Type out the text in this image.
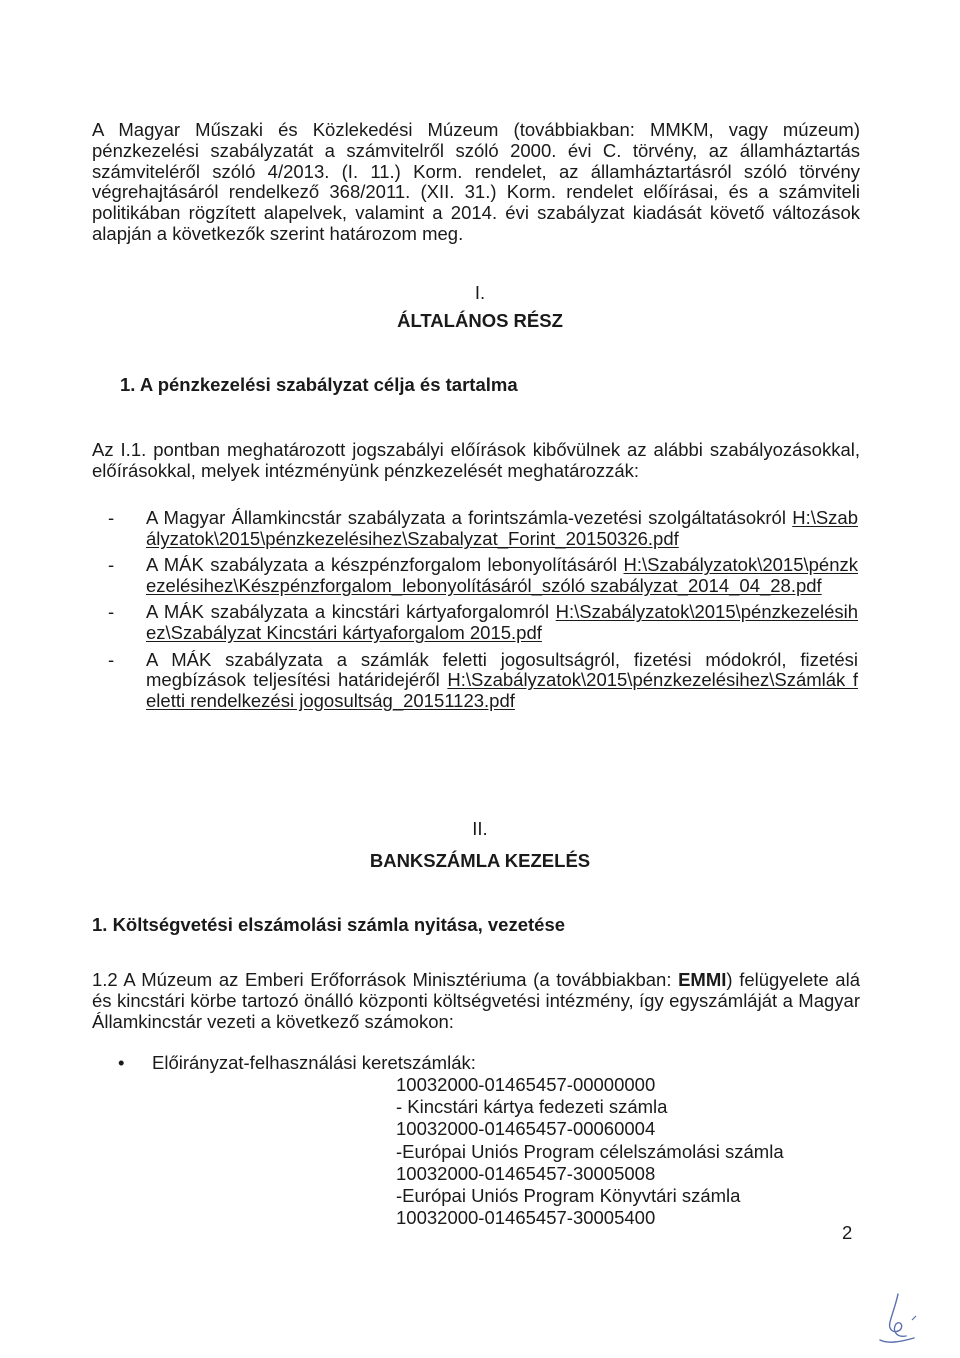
A Magyar Műszaki és Közlekedési Múzeum (továbbiakban: MMKM, vagy múzeum) pénzkezelési szabályzatát a számvitelről szóló 2000. évi C. törvény, az államháztartás számviteléről szóló 4/2013. (I. 11.) Korm. rendelet, az államháztartásról szóló törvény végrehajtásáról rendelkező 368/2011. (XII. 31.) Korm. rendelet előírásai, és a számviteli politikában rögzített alapelvek, valamint a 2014. évi szabályzat kiadását követő változások alapján a következők szerint határozom meg.

I.
ÁLTALÁNOS RÉSZ
1. A pénzkezelési szabályzat célja és tartalma

Az I.1. pontban meghatározott jogszabályi előírások kibővülnek az alábbi szabályozásokkal, előírásokkal, melyek intézményünk pénzkezelését meghatározzák:

- A Magyar Államkincstár szabályzata a forintszámla-vezetési szolgáltatásokról H:\Szabályzatok\2015\pénzkezelésihez\Szabalyzat_Forint_20150326.pdf
- A MÁK szabályzata a készpénzforgalom lebonyolításáról H:\Szabályzatok\2015\pénzkezelésihez\Készpénzforgalom_lebonyolításáról_szóló szabályzat_2014_04_28.pdf
- A MÁK szabályzata a kincstári kártyaforgalomról H:\Szabályzatok\2015\pénzkezelésihez\Szabályzat Kincstári kártyaforgalom 2015.pdf
- A MÁK szabályzata a számlák feletti jogosultságról, fizetési módokról, fizetési megbízások teljesítési határidejéről H:\Szabályzatok\2015\pénzkezelésihez\Számlák feletti rendelkezési jogosultság_20151123.pdf
II.
BANKSZÁMLA KEZELÉS
1. Költségvetési elszámolási számla nyitása, vezetése

1.2 A Múzeum az Emberi Erőforrások Minisztériuma (a továbbiakban: EMMI) felügyelete alá és kincstári körbe tartozó önálló központi költségvetési intézmény, így egyszámláját a Magyar Államkincstár vezeti a következő számokon:

• Előirányzat-felhasználási keretszámlák:
10032000-01465457-00000000
- Kincstári kártya fedezeti számla
10032000-01465457-00060004
-Európai Uniós Program célelszámolási számla
10032000-01465457-30005008
-Európai Uniós Program Könyvtári számla
10032000-01465457-30005400
2
